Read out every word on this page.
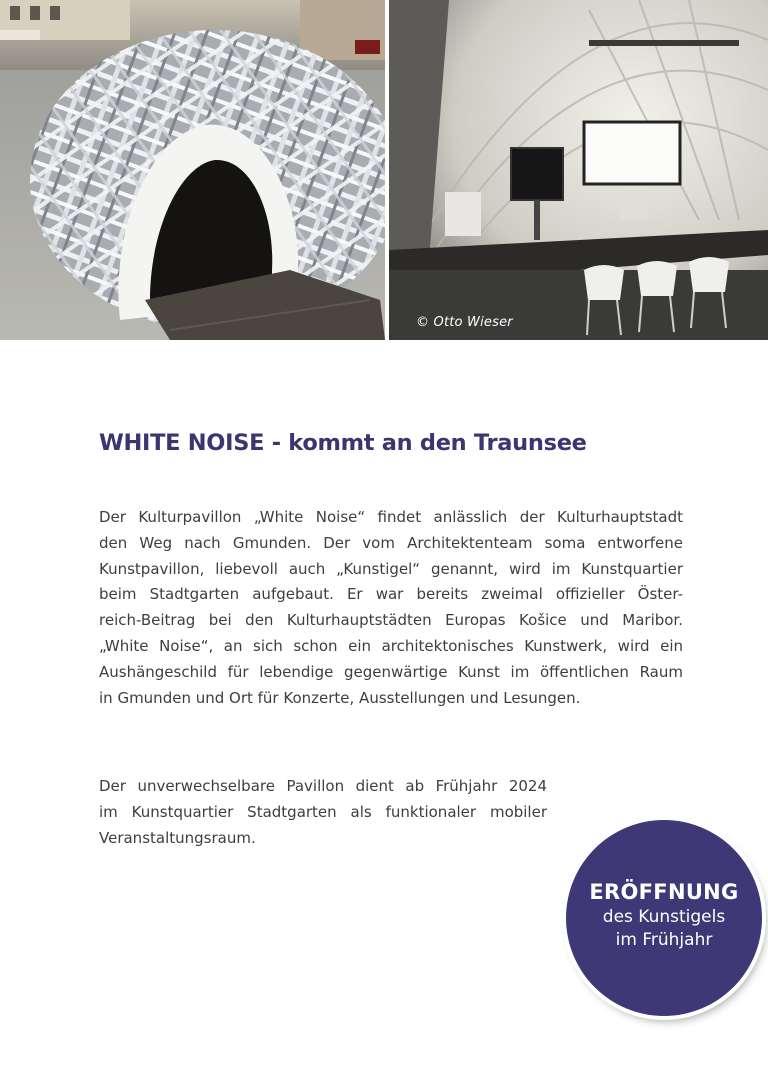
© Otto Wieser
WHITE NOISE - kommt an den Traunsee

Der Kulturpavillon „White Noise“ findet anlässlich der Kulturhauptstadt
den Weg nach Gmunden. Der vom Architektenteam soma entworfene
Kunstpavillon, liebevoll auch „Kunstigel“ genannt, wird im Kunstquartier
beim Stadtgarten aufgebaut. Er war bereits zweimal offizieller Öster-
reich-Beitrag bei den Kulturhauptstädten Europas Košice und Maribor.
„White Noise“, an sich schon ein architektonisches Kunstwerk, wird ein
Aushängeschild für lebendige gegenwärtige Kunst im öffentlichen Raum
in Gmunden und Ort für Konzerte, Ausstellungen und Lesungen.

Der unverwechselbare Pavillon dient ab Frühjahr 2024
im Kunstquartier Stadtgarten als funktionaler mobiler
Veranstaltungsraum.

ERÖFFNUNG
des Kunstigels
im Frühjahr
